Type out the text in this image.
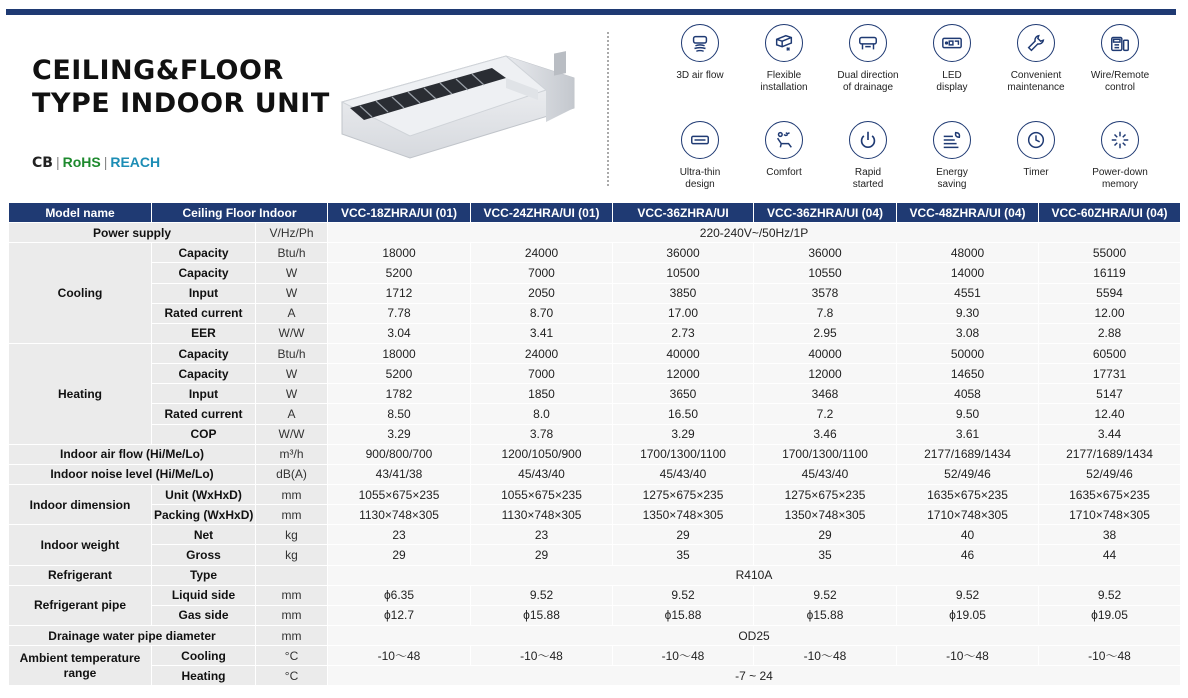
CEILING&FLOOR
TYPE INDOOR UNIT
CB | RoHS | REACH
3D air flow	Flexible
installation
Dual direction
of drainage
LED
display
Convenient
maintenance
Wire/Remote
control
Ultra-thin
design
Comfort	Rapid
started
Energy
saving
Timer	Power-down
memory
Model name	Ceiling Floor Indoor		VCC-18ZHRA/UI (01)	VCC-24ZHRA/UI (01)	VCC-36ZHRA/UI	VCC-36ZHRA/UI (04)	VCC-48ZHRA/UI (04)	VCC-60ZHRA/UI (04)
Power supply		V/Hz/Ph	220-240V~/50Hz/1P					
Cooling	Capacity	Btu/h	18000	24000	36000	36000	48000	55000
	Capacity	W	5200	7000	10500	10550	14000	16119
	Input	W	1712	2050	3850	3578	4551	5594
	Rated current	A	7.78	8.70	17.00	7.8	9.30	12.00
	EER	W/W	3.04	3.41	2.73	2.95	3.08	2.88
Heating	Capacity	Btu/h	18000	24000	40000	40000	50000	60500
	Capacity	W	5200	7000	12000	12000	14650	17731
	Input	W	1782	1850	3650	3468	4058	5147
	Rated current	A	8.50	8.0	16.50	7.2	9.50	12.40
	COP	W/W	3.29	3.78	3.29	3.46	3.61	3.44
Indoor air flow (Hi/Me/Lo)		m³/h	900/800/700	1200/1050/900	1700/1300/1100	1700/1300/1100	2177/1689/1434	2177/1689/1434
Indoor noise level (Hi/Me/Lo)		dB(A)	43/41/38	45/43/40	45/43/40	45/43/40	52/49/46	52/49/46
Indoor dimension	Unit (WxHxD)	mm	1055×675×235	1055×675×235	1275×675×235	1275×675×235	1635×675×235	1635×675×235
	Packing (WxHxD)	mm	1130×748×305	1130×748×305	1350×748×305	1350×748×305	1710×748×305	1710×748×305
Indoor weight	Net	kg	23	23	29	29	40	38
	Gross	kg	29	29	35	35	46	44
Refrigerant	Type		R410A					
Refrigerant pipe	Liquid side	mm	ϕ6.35	9.52	9.52	9.52	9.52	9.52
	Gas side	mm	ϕ12.7	ϕ15.88	ϕ15.88	ϕ15.88	ϕ19.05	ϕ19.05
Drainage water pipe diameter		mm	OD25					
Ambient temperature range	Cooling	°C	-10～48	-10～48	-10～48	-10～48	-10～48	-10～48
	Heating	°C	-7 ~ 24					
